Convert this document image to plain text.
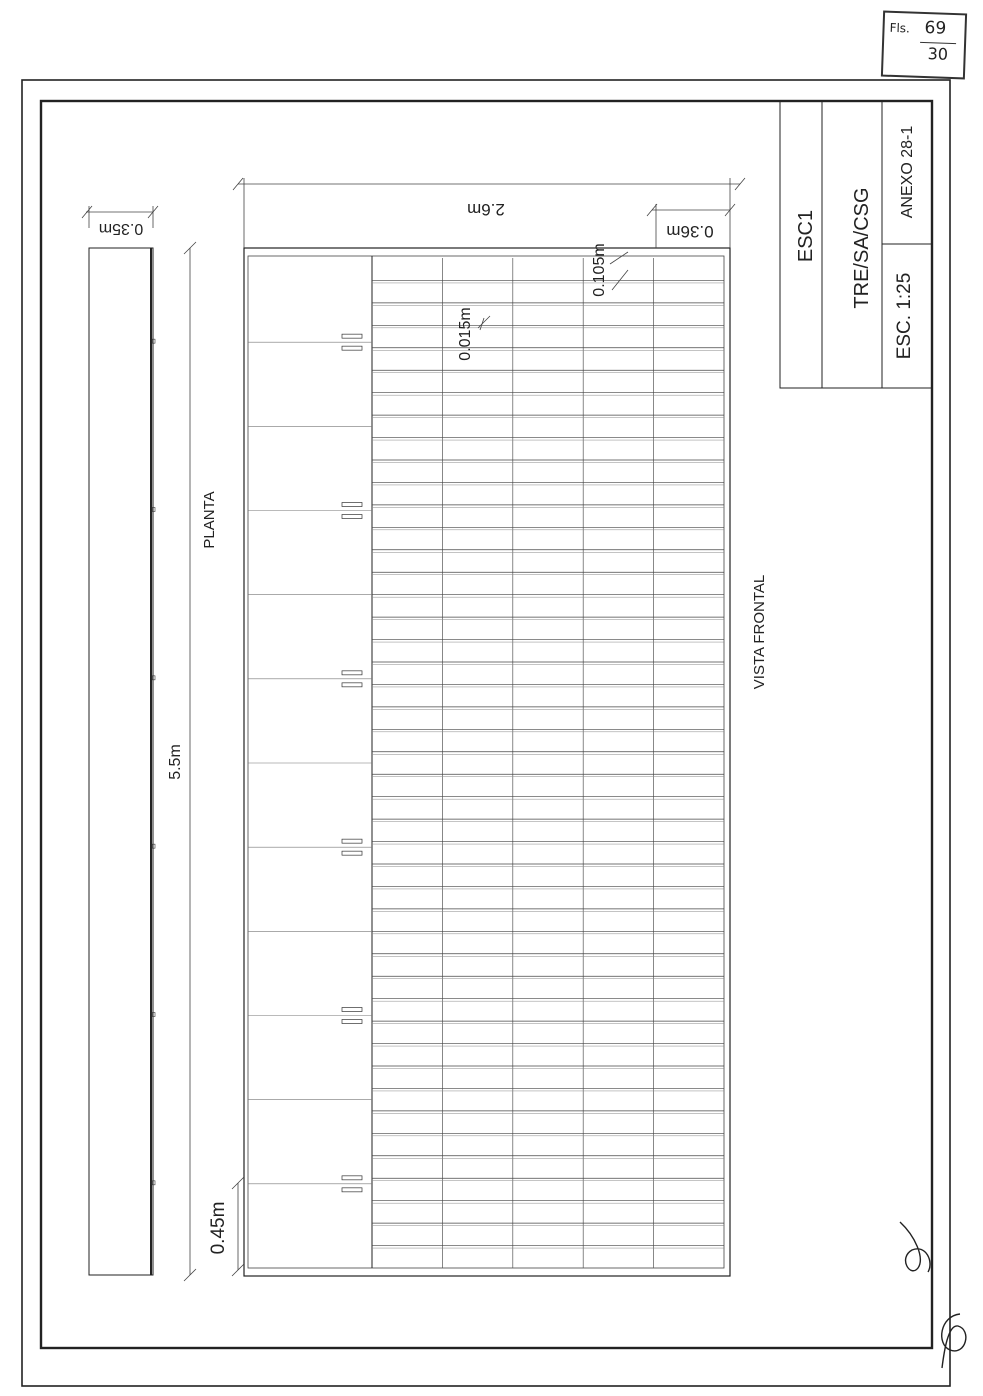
ESC1 TRE/SA/CSG
ESC. 1:25
ANEXO 28-1
0.35m
5.5m
PLANTA
2.6m
0.36m
0.105m
0.015m
0.45m
VISTA FRONTAL
Fls. 69
30
